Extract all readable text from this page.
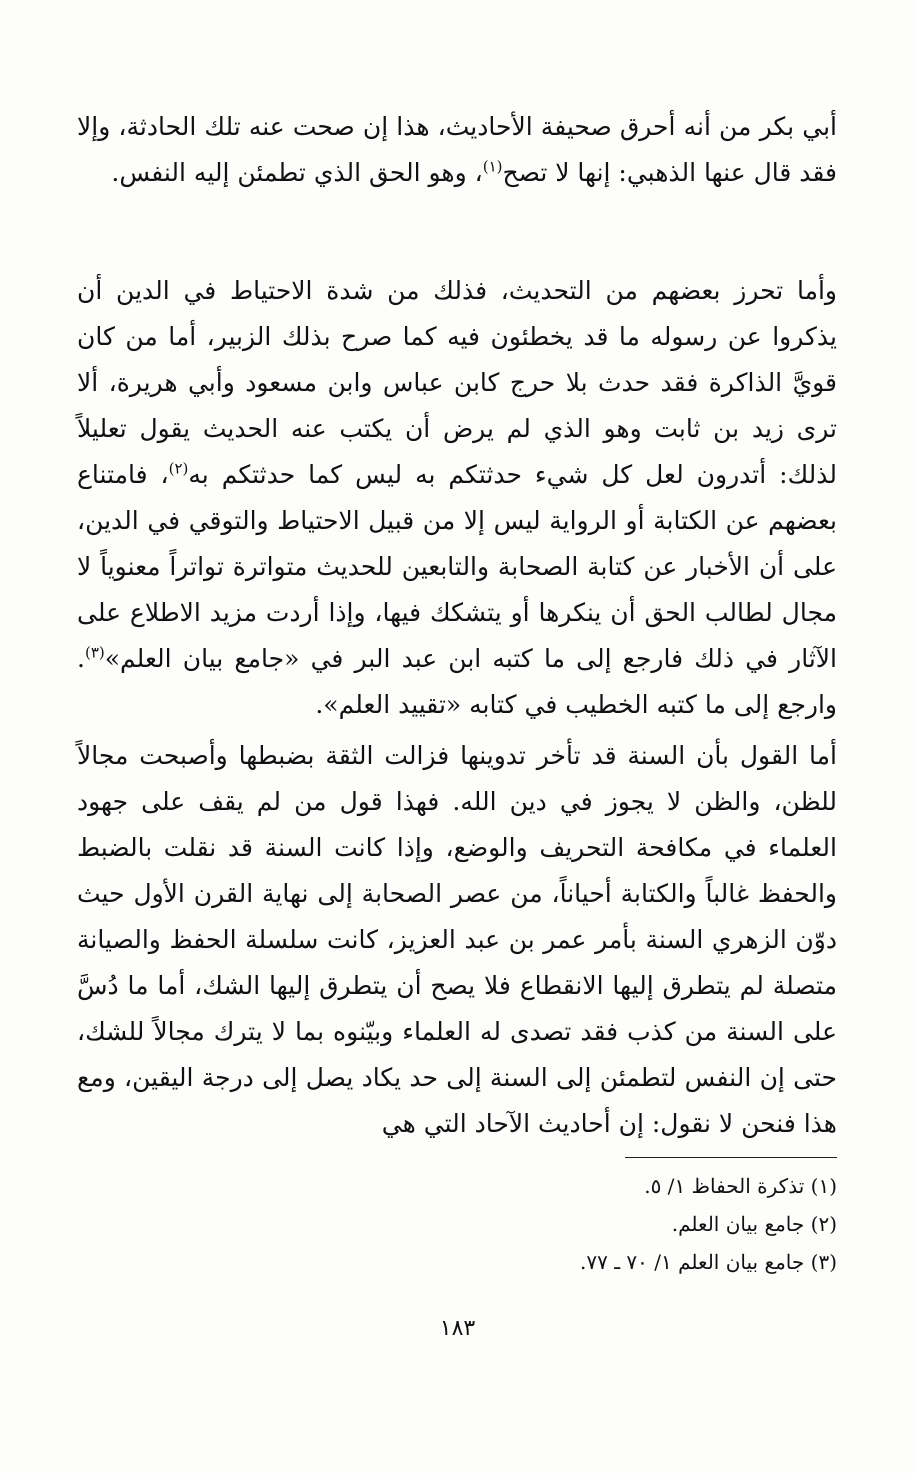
أبي بكر من أنه أحرق صحيفة الأحاديث، هذا إن صحت عنه تلك الحادثة، وإلا فقد قال عنها الذهبي: إنها لا تصح$^{(١)}$، وهو الحق الذي تطمئن إليه النفس.
وأما تحرز بعضهم من التحديث، فذلك من شدة الاحتياط في الدين أن يذكروا عن رسوله ما قد يخطئون فيه كما صرح بذلك الزبير، أما من كان قويَّ الذاكرة فقد حدث بلا حرج كابن عباس وابن مسعود وأبي هريرة، ألا ترى زيد بن ثابت وهو الذي لم يرض أن يكتب عنه الحديث يقول تعليلاً لذلك: أتدرون لعل كل شيء حدثتكم به ليس كما حدثتكم به$^{(٢)}$، فامتناع بعضهم عن الكتابة أو الرواية ليس إلا من قبيل الاحتياط والتوقي في الدين، على أن الأخبار عن كتابة الصحابة والتابعين للحديث متواترة تواتراً معنوياً لا مجال لطالب الحق أن ينكرها أو يتشكك فيها، وإذا أردت مزيد الاطلاع على الآثار في ذلك فارجع إلى ما كتبه ابن عبد البر في «جامع بيان العلم»$^{(٣)}$. وارجع إلى ما كتبه الخطيب في كتابه «تقييد العلم».
أما القول بأن السنة قد تأخر تدوينها فزالت الثقة بضبطها وأصبحت مجالاً للظن، والظن لا يجوز في دين الله. فهذا قول من لم يقف على جهود العلماء في مكافحة التحريف والوضع، وإذا كانت السنة قد نقلت بالضبط والحفظ غالباً والكتابة أحياناً، من عصر الصحابة إلى نهاية القرن الأول حيث دوّن الزهري السنة بأمر عمر بن عبد العزيز، كانت سلسلة الحفظ والصيانة متصلة لم يتطرق إليها الانقطاع فلا يصح أن يتطرق إليها الشك، أما ما دُسَّ على السنة من كذب فقد تصدى له العلماء وبيّنوه بما لا يترك مجالاً للشك، حتى إن النفس لتطمئن إلى السنة إلى حد يكاد يصل إلى درجة اليقين، ومع هذا فنحن لا نقول: إن أحاديث الآحاد التي هي
(١) تذكرة الحفاظ ١/ ٥.
(٢) جامع بيان العلم.
(٣) جامع بيان العلم ١/ ٧٠ ـ ٧٧.
١٨٣
